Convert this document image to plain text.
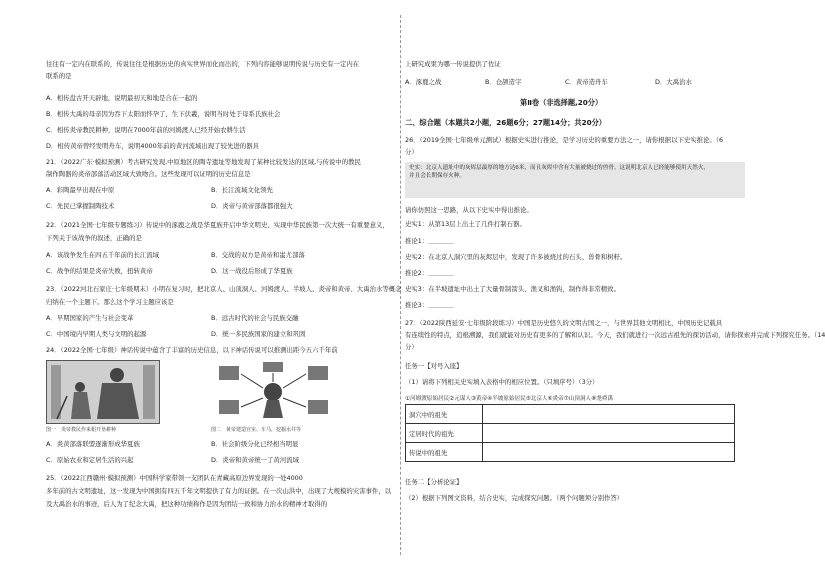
往往有一定内在联系的，传说往往是根据历史的真实世界而化而出的，下列内容能够说明传说与历史有一定内在
联系的是
A．相传盘古开天辟地，说明最初天和地是合在一起的
B．相传大禹的母亲因为吞下太阳而怀孕了，生下伏羲，说明当时处于母系氏族社会
C．相传炎帝教民耕种，说明在7000年前的河姆渡人已经开始农耕生活
D．相传黄帝曾经发明舟车，说明4000年前的黄河流域出现了较先进的器具
21．（2022广东·模拟预测）考古研究发现,中原地区的陶寺遗址等地发现了某种比较发达的区域,与传说中的教民
制作陶器的炎帝部落活动区域大致吻合。这些发现可以证明的历史信息是
A．彩陶最早出现在中原	B．长江流域文化领先
C．先民已掌握制陶技术	D．炎帝与黄帝部落都很强大
22．（2021全国·七年级专题练习）传说中的涿鹿之战是华夏族开启中华文明史、实现中华民族第一次大统一有重要意义，
下列关于该战争的叙述，正确的是
A．该战争发生在四五千年前的长江流域	B．交战的双方是黄帝和蚩尤部落
C．战争的结果是炎帝失败，扭转黄帝	D．这一战役后形成了华夏族
23．（2022河北石家庄·七年级期末）小明在复习时，把北京人、山顶洞人、河姆渡人、半坡人、炎帝和黄帝、大禹治水等概念
归纳在一个主题下。那么这个学习主题应该是
A．早期国家的产生与社会变革	B．远古时代的社会与民族交融
C．中国境内早期人类与文明的起源	D．统一多民族国家的建立和巩固
24．（2022全国·七年级）神话传说中蕴含了丰富的历史信息，以下神话传说可以推测出距今五六千年前
图一　炎帝教民作来耜开垦耕种	图二　黄帝建造宫室、车马，挖掘水井等
A．炎黄部落联盟逐渐形成华夏族	B．社会阶级分化已经相当明显
C．原始农业和定居生活的兴起	D．炎帝和黄帝统一了黄河流域
25．（2022江西赣州·模拟预测）中国科学家带领一支团队在青藏高原边界发现的一处4000
多年前的古文明遗址，这一发现为中国拥有四五千年文明提供了有力的证据。在一次山洪中，出现了大规模的灾害事件，以
及大禹治水的事迹，后人为了纪念大禹，把这种功绩称作是因为团结一致和协力治水的精神才取得的
上研究成果为哪一传说提供了佐证
A．涿鹿之战	B．仓颉造字	C．黄帝造舟车	D．大禹治水
第Ⅱ卷（非选择题,20分）
二、综合题（本题共2小题，26题6分；27题14分；共20分）
26．（2019全国·七年级单元测试）根据史实进行推论，是学习历史的重要方法之一，请你根据以下史实推论。（6
分）
史实：北京人遗址中的灰烬层最厚的地方达6米，而且灰烬中含有大量被烧过的兽骨。这说明北京人已经能够使用天然火，
并且会长期保存火种。
请你仿照这一思路，从以下史实中得出推论。
史实1：从第13层上出土了几件打制石器。
推论1：＿＿＿＿
史实2：在北京人洞穴里的灰烬层中，发现了许多被烧过的石头、兽骨和树籽。
推论2：＿＿＿＿
史实3：在半坡遗址中出土了大量骨制箭头、渔叉和渔钩，制作得非常精致。
推论3：＿＿＿＿
27．（2022陕西延安·七年级阶段练习）中国是历史悠久的文明古国之一，与世界其他文明相比，中国历史记载具
有连续性的特点，追根溯源，我们就能对历史有更多的了解和认识。今天，我们就进行一次远古祖先的探访活动，请你探索并完成下列探究任务。（14
分）
任务一【对号入座】
（1）请将下列相关史实填入表格中的相应位置。（只填序号）（3分）
①河姆渡原始居民②元谋人③黄帝④半坡原始居民⑤北京人⑥炎帝⑦山顶洞人⑧尧舜禹
洞穴中的祖先	
定居时代的祖先	
传说中的祖先	
任务二【分析论证】
（2）根据下列图文资料，结合史实，完成探究问题。（两个问题须分别作答）
